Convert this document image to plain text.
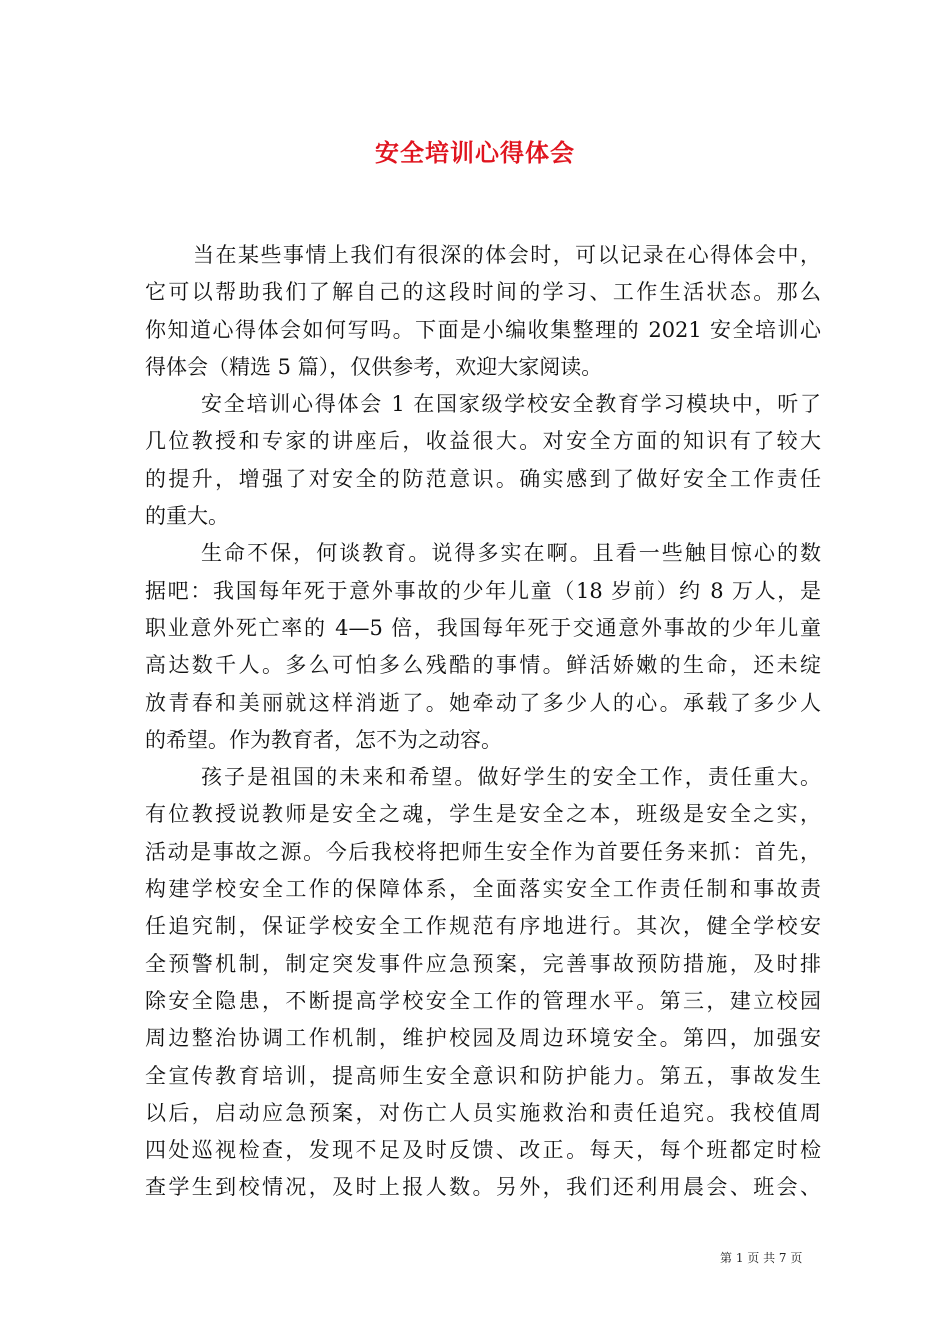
安全培训心得体会
当在某些事情上我们有很深的体会时，可以记录在心得体会中，
它可以帮助我们了解自己的这段时间的学习、工作生活状态。那么
你知道心得体会如何写吗。下面是小编收集整理的 2021 安全培训心
得体会（精选 5 篇），仅供参考，欢迎大家阅读。
安全培训心得体会 1 在国家级学校安全教育学习模块中，听了
几位教授和专家的讲座后，收益很大。对安全方面的知识有了较大
的提升，增强了对安全的防范意识。确实感到了做好安全工作责任
的重大。
生命不保，何谈教育。说得多实在啊。且看一些触目惊心的数
据吧：我国每年死于意外事故的少年儿童（18 岁前）约 8 万人，是
职业意外死亡率的 4—5 倍，我国每年死于交通意外事故的少年儿童
高达数千人。多么可怕多么残酷的事情。鲜活娇嫩的生命，还未绽
放青春和美丽就这样消逝了。她牵动了多少人的心。承载了多少人
的希望。作为教育者，怎不为之动容。
孩子是祖国的未来和希望。做好学生的安全工作，责任重大。
有位教授说教师是安全之魂，学生是安全之本，班级是安全之实，
活动是事故之源。今后我校将把师生安全作为首要任务来抓：首先，
构建学校安全工作的保障体系，全面落实安全工作责任制和事故责
任追究制，保证学校安全工作规范有序地进行。其次，健全学校安
全预警机制，制定突发事件应急预案，完善事故预防措施，及时排
除安全隐患，不断提高学校安全工作的管理水平。第三，建立校园
周边整治协调工作机制，维护校园及周边环境安全。第四，加强安
全宣传教育培训，提高师生安全意识和防护能力。第五，事故发生
以后，启动应急预案，对伤亡人员实施救治和责任追究。我校值周
四处巡视检查，发现不足及时反馈、改正。每天，每个班都定时检
查学生到校情况，及时上报人数。另外，我们还利用晨会、班会、
第 1 页 共 7 页
